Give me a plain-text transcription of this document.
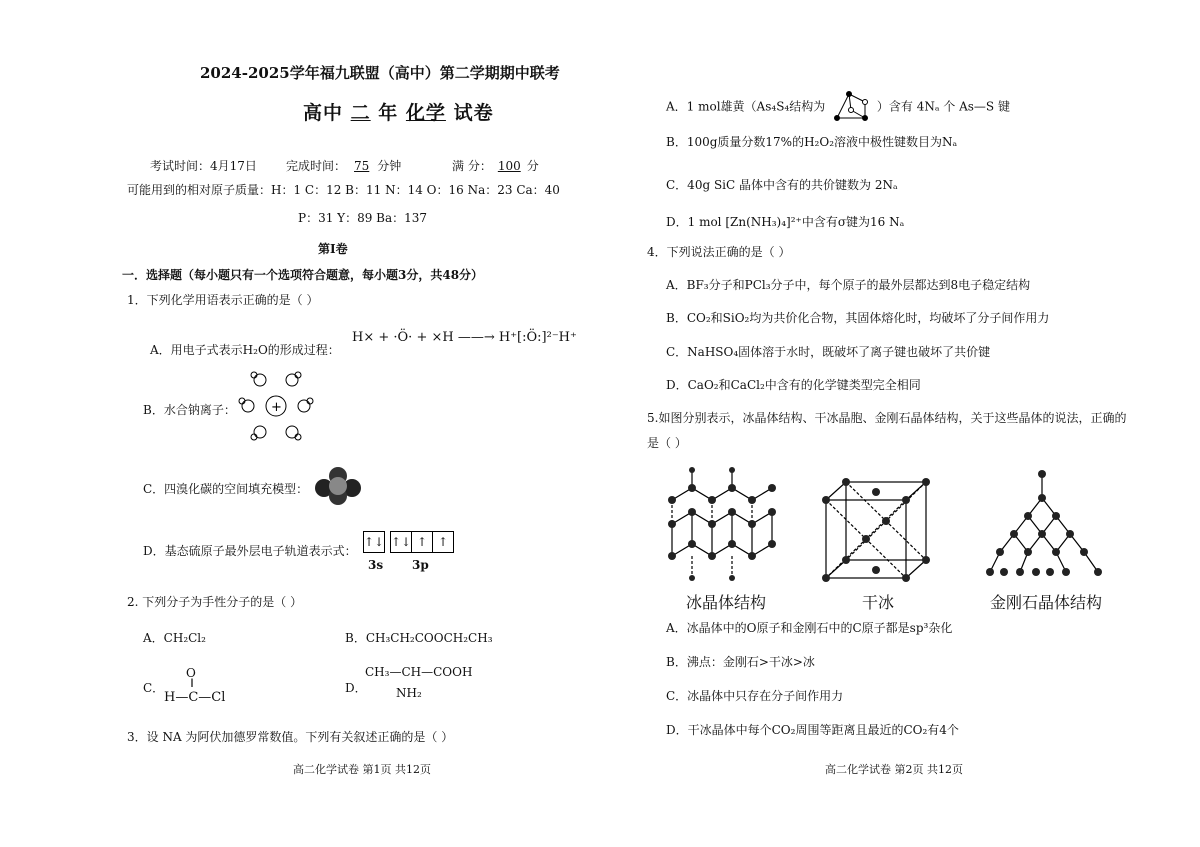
2024-2025学年福九联盟（高中）第二学期期中联考
高中 二 年 化学 试卷
考试时间：4月17日 完成时间： 75 分钟	满 分： 100 分
可能用到的相对原子质量：H：1 C：12 B：11 N：14 O：16 Na：23 Ca：40
P：31 Y：89 Ba：137
第Ⅰ卷
一．选择题（每小题只有一个选项符合题意，每小题3分，共48分）
1．下列化学用语表示正确的是（ ）
A．用电子式表示H₂O的形成过程：
H× + ·Ö· + ×H ——→ H⁺[:Ö:]²⁻H⁺
B．水合钠离子：	+
C．四溴化碳的空间填充模型：
D．基态硫原子最外层电子轨道表示式：
↑↓ ↑↓ ↑ ↑
3s 3p
2. 下列分子为手性分子的是（ ）
A．CH₂Cl₂	B．CH₃CH₂COOCH₂CH₃
C．
O
‖
H—C—Cl
D．
CH₃—CH—COOH
NH₂
3．设 NA 为阿伏加德罗常数值。下列有关叙述正确的是（ ）
高二化学试卷 第1页 共12页
A．1 mol雄黄（As₄S₄结构为	）含有 4Nₐ 个 As—S 键
B．100g质量分数17%的H₂O₂溶液中极性键数目为Nₐ
C．40g SiC 晶体中含有的共价键数为 2Nₐ
D．1 mol [Zn(NH₃)₄]²⁺中含有σ键为16 Nₐ
4．下列说法正确的是（ ）
A．BF₃分子和PCl₃分子中，每个原子的最外层都达到8电子稳定结构
B．CO₂和SiO₂均为共价化合物，其固体熔化时，均破坏了分子间作用力
C．NaHSO₄固体溶于水时，既破坏了离子键也破坏了共价键
D．CaO₂和CaCl₂中含有的化学键类型完全相同
5.如图分别表示，冰晶体结构、干冰晶胞、金刚石晶体结构，关于这些晶体的说法，正确的
是（ ）
冰晶体结构	干冰	金刚石晶体结构
A．冰晶体中的O原子和金刚石中的C原子都是sp³杂化
B．沸点：金刚石>干冰>冰
C．冰晶体中只存在分子间作用力
D．干冰晶体中每个CO₂周围等距离且最近的CO₂有4个
高二化学试卷 第2页 共12页
